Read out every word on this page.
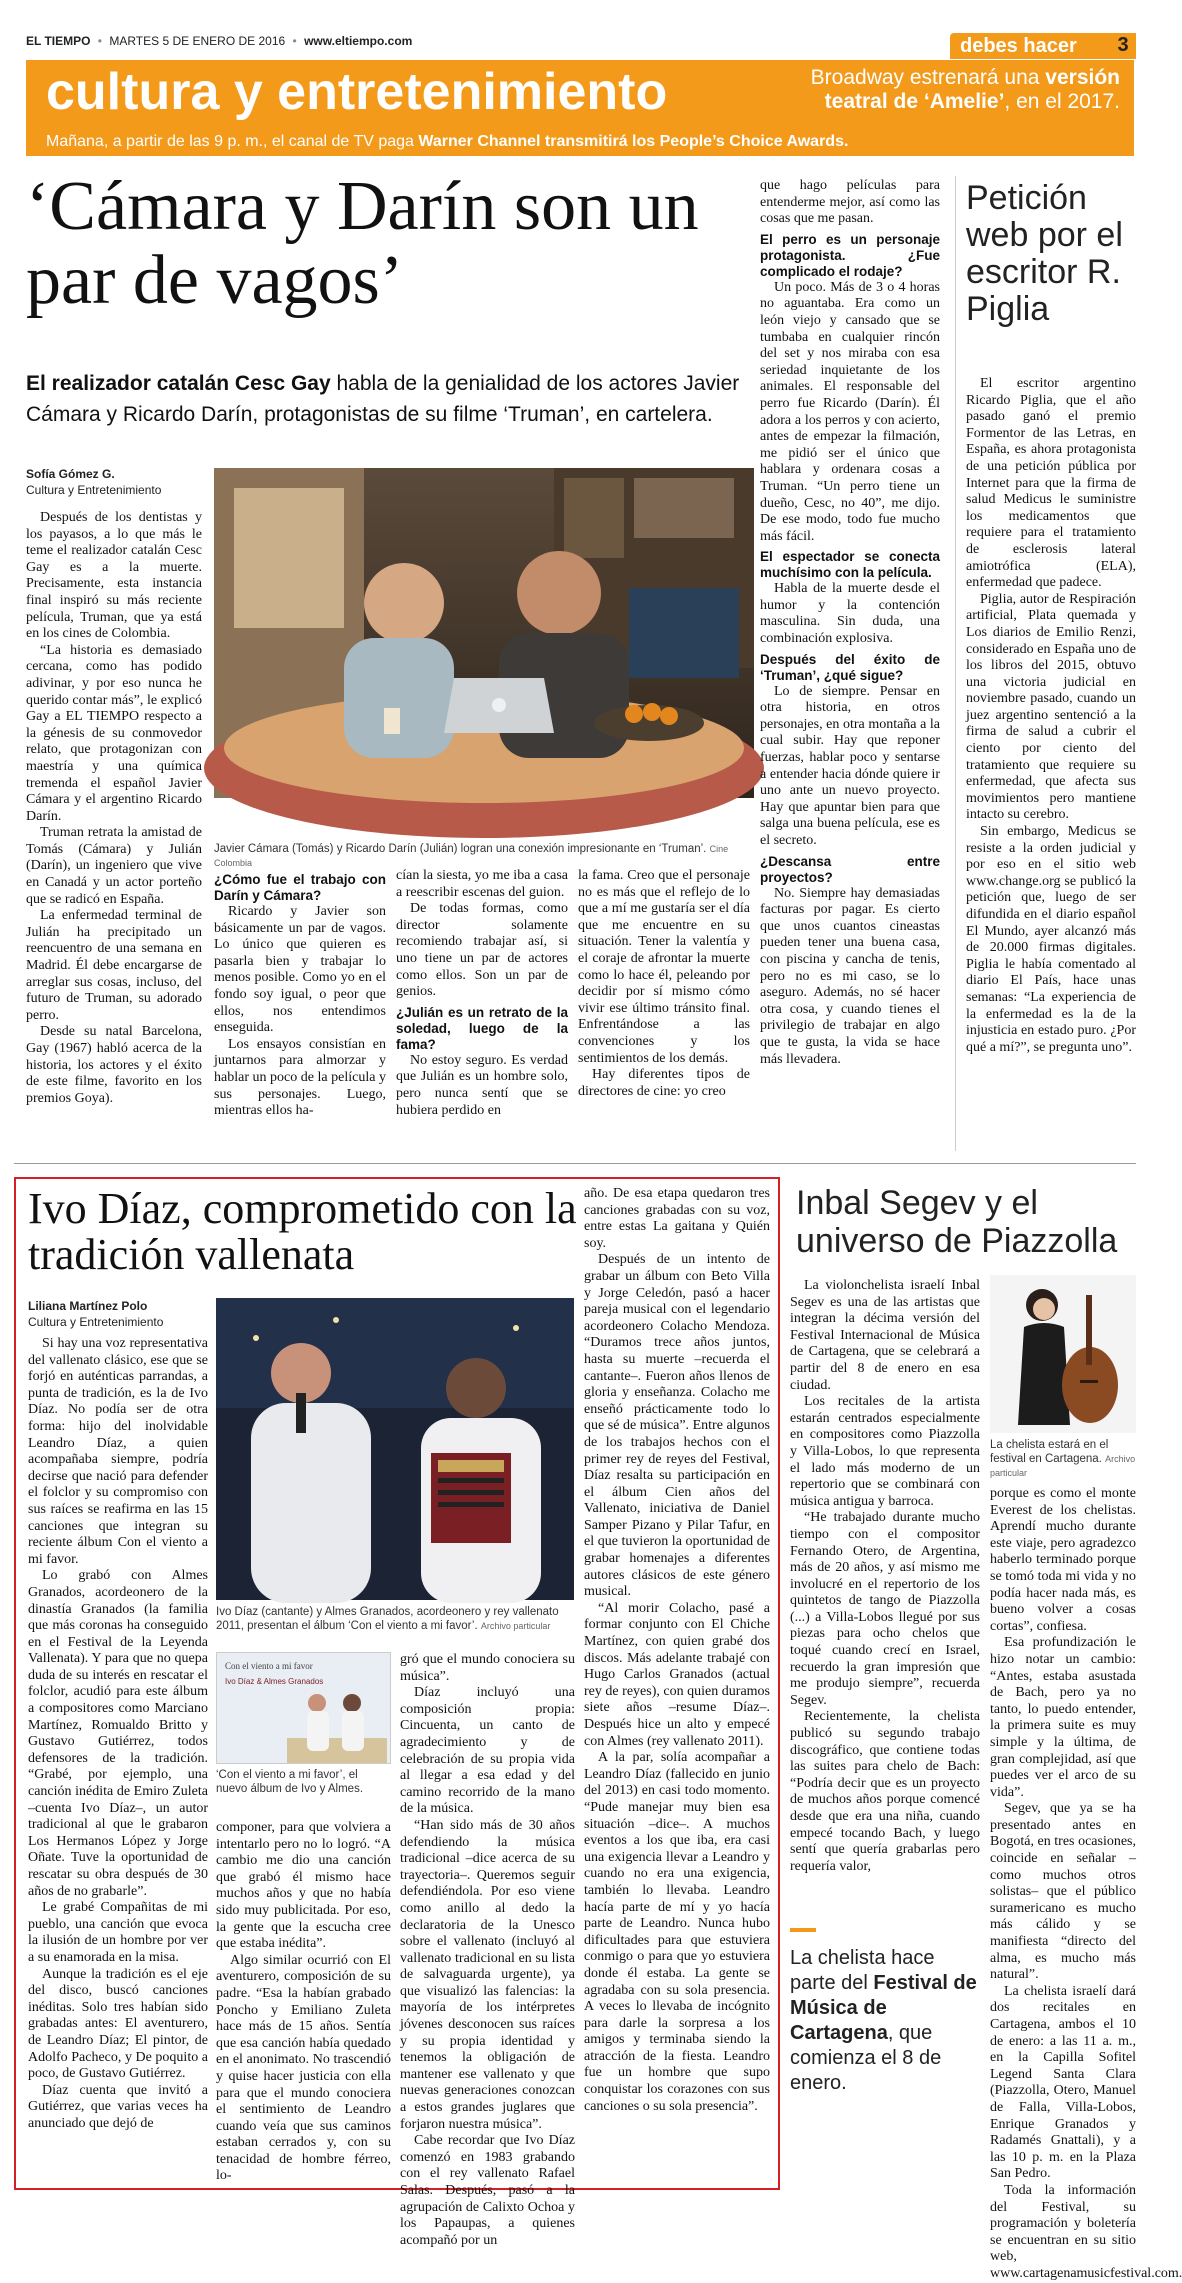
EL TIEMPO • MARTES 5 DE ENERO DE 2016 • www.eltiempo.com	debes hacer	3
cultura y entretenimiento	Broadway estrenará una versión teatral de ‘Amelie’, en el 2017.
Mañana, a partir de las 9 p. m., el canal de TV paga Warner Channel transmitirá los People’s Choice Awards.
‘Cámara y Darín son un par de vagos’
El realizador catalán Cesc Gay habla de la genialidad de los actores Javier Cámara y Ricardo Darín, protagonistas de su filme ‘Truman’, en cartelera.
Sofía Gómez G.
Cultura y Entretenimiento

Después de los dentistas y los payasos, a lo que más le teme el realizador catalán Cesc Gay es a la muerte. Precisamente, esta instancia final inspiró su más reciente película, Truman, que ya está en los cines de Colombia.

“La historia es demasiado cercana, como has podido adivinar, y por eso nunca he querido contar más”, le explicó Gay a EL TIEMPO respecto a la génesis de su conmovedor relato, que protagonizan con maestría y una química tremenda el español Javier Cámara y el argentino Ricardo Darín.

Truman retrata la amistad de Tomás (Cámara) y Julián (Darín), un ingeniero que vive en Canadá y un actor porteño que se radicó en España.

La enfermedad terminal de Julián ha precipitado un reencuentro de una semana en Madrid. Él debe encargarse de arreglar sus cosas, incluso, del futuro de Truman, su adorado perro.

Desde su natal Barcelona, Gay (1967) habló acerca de la historia, los actores y el éxito de este filme, favorito en los premios Goya).

Javier Cámara (Tomás) y Ricardo Darín (Julián) logran una conexión impresionante en ‘Truman’. Cine Colombia
¿Cómo fue el trabajo con Darín y Cámara?

Ricardo y Javier son básicamente un par de vagos. Lo único que quieren es pasarla bien y trabajar lo menos posible. Como yo en el fondo soy igual, o peor que ellos, nos entendimos enseguida.

Los ensayos consistían en juntarnos para almorzar y hablar un poco de la película y sus personajes. Luego, mientras ellos ha-

cían la siesta, yo me iba a casa a reescribir escenas del guion.

De todas formas, como director solamente recomiendo trabajar así, si uno tiene un par de actores como ellos. Son un par de genios.

¿Julián es un retrato de la soledad, luego de la fama?

No estoy seguro. Es verdad que Julián es un hombre solo, pero nunca sentí que se hubiera perdido en

la fama. Creo que el personaje no es más que el reflejo de lo que a mí me gustaría ser el día que me encuentre en su situación. Tener la valentía y el coraje de afrontar la muerte como lo hace él, peleando por decidir por sí mismo cómo vivir ese último tránsito final. Enfrentándose a las convenciones y los sentimientos de los demás.

Hay diferentes tipos de directores de cine: yo creo

que hago películas para entenderme mejor, así como las cosas que me pasan.

El perro es un personaje protagonista. ¿Fue complicado el rodaje?

Un poco. Más de 3 o 4 horas no aguantaba. Era como un león viejo y cansado que se tumbaba en cualquier rincón del set y nos miraba con esa seriedad inquietante de los animales. El responsable del perro fue Ricardo (Darín). Él adora a los perros y con acierto, antes de empezar la filmación, me pidió ser el único que hablara y ordenara cosas a Truman. “Un perro tiene un dueño, Cesc, no 40”, me dijo. De ese modo, todo fue mucho más fácil.

El espectador se conecta muchísimo con la película.

Habla de la muerte desde el humor y la contención masculina. Sin duda, una combinación explosiva.

Después del éxito de ‘Truman’, ¿qué sigue?

Lo de siempre. Pensar en otra historia, en otros personajes, en otra montaña a la cual subir. Hay que reponer fuerzas, hablar poco y sentarse a entender hacia dónde quiere ir uno ante un nuevo proyecto. Hay que apuntar bien para que salga una buena película, ese es el secreto.

¿Descansa entre proyectos?

No. Siempre hay demasiadas facturas por pagar. Es cierto que unos cuantos cineastas pueden tener una buena casa, con piscina y cancha de tenis, pero no es mi caso, se lo aseguro. Además, no sé hacer otra cosa, y cuando tienes el privilegio de trabajar en algo que te gusta, la vida se hace más llevadera.

Petición web por el escritor R. Piglia

El escritor argentino Ricardo Piglia, que el año pasado ganó el premio Formentor de las Letras, en España, es ahora protagonista de una petición pública por Internet para que la firma de salud Medicus le suministre los medicamentos que requiere para el tratamiento de esclerosis lateral amiotrófica (ELA), enfermedad que padece.

Piglia, autor de Respiración artificial, Plata quemada y Los diarios de Emilio Renzi, considerado en España uno de los libros del 2015, obtuvo una victoria judicial en noviembre pasado, cuando un juez argentino sentenció a la firma de salud a cubrir el ciento por ciento del tratamiento que requiere su enfermedad, que afecta sus movimientos pero mantiene intacto su cerebro.

Sin embargo, Medicus se resiste a la orden judicial y por eso en el sitio web www.change.org se publicó la petición que, luego de ser difundida en el diario español El Mundo, ayer alcanzó más de 20.000 firmas digitales. Piglia le había comentado al diario El País, hace unas semanas: “La experiencia de la enfermedad es la de la injusticia en estado puro. ¿Por qué a mí?”, se pregunta uno”.

Ivo Díaz, comprometido con la tradición vallenata
Liliana Martínez Polo
Cultura y Entretenimiento

Si hay una voz representativa del vallenato clásico, ese que se forjó en auténticas parrandas, a punta de tradición, es la de Ivo Díaz. No podía ser de otra forma: hijo del inolvidable Leandro Díaz, a quien acompañaba siempre, podría decirse que nació para defender el folclor y su compromiso con sus raíces se reafirma en las 15 canciones que integran su reciente álbum Con el viento a mi favor.

Lo grabó con Almes Granados, acordeonero de la dinastía Granados (la familia que más coronas ha conseguido en el Festival de la Leyenda Vallenata). Y para que no quepa duda de su interés en rescatar el folclor, acudió para este álbum a compositores como Marciano Martínez, Romualdo Britto y Gustavo Gutiérrez, todos defensores de la tradición. “Grabé, por ejemplo, una canción inédita de Emiro Zuleta –cuenta Ivo Díaz–, un autor tradicional al que le grabaron Los Hermanos López y Jorge Oñate. Tuve la oportunidad de rescatar su obra después de 30 años de no grabarle”.

Le grabé Compañitas de mi pueblo, una canción que evoca la ilusión de un hombre por ver a su enamorada en la misa.

Aunque la tradición es el eje del disco, buscó canciones inéditas. Solo tres habían sido grabadas antes: El aventurero, de Leandro Díaz; El pintor, de Adolfo Pacheco, y De poquito a poco, de Gustavo Gutiérrez.

Díaz cuenta que invitó a Gutiérrez, que varias veces ha anunciado que dejó de

Ivo Díaz (cantante) y Almes Granados, acordeonero y rey vallenato 2011, presentan el álbum ‘Con el viento a mi favor’. Archivo particular
Con el viento a mi favor
Ivo Díaz & Almes Granados
‘Con el viento a mi favor’, el nuevo álbum de Ivo y Almes.

componer, para que volviera a intentarlo pero no lo logró. “A cambio me dio una canción que grabó él mismo hace muchos años y que no había sido muy publicitada. Por eso, la gente que la escucha cree que estaba inédita”.

Algo similar ocurrió con El aventurero, composición de su padre. “Esa la habían grabado Poncho y Emiliano Zuleta hace más de 15 años. Sentía que esa canción había quedado en el anonimato. No trascendió y quise hacer justicia con ella para que el mundo conociera el sentimiento de Leandro cuando veía que sus caminos estaban cerrados y, con su tenacidad de hombre férreo, lo-

gró que el mundo conociera su música”.

Díaz incluyó una composición propia: Cincuenta, un canto de agradecimiento y de celebración de su propia vida al llegar a esa edad y del camino recorrido de la mano de la música.

“Han sido más de 30 años defendiendo la música tradicional –dice acerca de su trayectoria–. Queremos seguir defendiéndola. Por eso viene como anillo al dedo la declaratoria de la Unesco sobre el vallenato (incluyó al vallenato tradicional en su lista de salvaguarda urgente), ya que visualizó las falencias: la mayoría de los intérpretes jóvenes desconocen sus raíces y su propia identidad y tenemos la obligación de mantener ese vallenato y que nuevas generaciones conozcan a estos grandes juglares que forjaron nuestra música”.

Cabe recordar que Ivo Díaz comenzó en 1983 grabando con el rey vallenato Rafael Salas. Después, pasó a la agrupación de Calixto Ochoa y los Papaupas, a quienes acompañó por un

año. De esa etapa quedaron tres canciones grabadas con su voz, entre estas La gaitana y Quién soy.

Después de un intento de grabar un álbum con Beto Villa y Jorge Celedón, pasó a hacer pareja musical con el legendario acordeonero Colacho Mendoza. “Duramos trece años juntos, hasta su muerte –recuerda el cantante–. Fueron años llenos de gloria y enseñanza. Colacho me enseñó prácticamente todo lo que sé de música”. Entre algunos de los trabajos hechos con el primer rey de reyes del Festival, Díaz resalta su participación en el álbum Cien años del Vallenato, iniciativa de Daniel Samper Pizano y Pilar Tafur, en el que tuvieron la oportunidad de grabar homenajes a diferentes autores clásicos de este género musical.

“Al morir Colacho, pasé a formar conjunto con El Chiche Martínez, con quien grabé dos discos. Más adelante trabajé con Hugo Carlos Granados (actual rey de reyes), con quien duramos siete años –resume Díaz–. Después hice un alto y empecé con Almes (rey vallenato 2011).

A la par, solía acompañar a Leandro Díaz (fallecido en junio del 2013) en casi todo momento. “Pude manejar muy bien esa situación –dice–. A muchos eventos a los que iba, era casi una exigencia llevar a Leandro y cuando no era una exigencia, también lo llevaba. Leandro hacía parte de mí y yo hacía parte de Leandro. Nunca hubo dificultades para que estuviera conmigo o para que yo estuviera donde él estaba. La gente se agradaba con su sola presencia. A veces lo llevaba de incógnito para darle la sorpresa a los amigos y terminaba siendo la atracción de la fiesta. Leandro fue un hombre que supo conquistar los corazones con sus canciones o su sola presencia”.

Inbal Segev y el universo de Piazzolla

La violonchelista israelí Inbal Segev es una de las artistas que integran la décima versión del Festival Internacional de Música de Cartagena, que se celebrará a partir del 8 de enero en esa ciudad.

Los recitales de la artista estarán centrados especialmente en compositores como Piazzolla y Villa-Lobos, lo que representa el lado más moderno de un repertorio que se combinará con música antigua y barroca.

“He trabajado durante mucho tiempo con el compositor Fernando Otero, de Argentina, más de 20 años, y así mismo me involucré en el repertorio de los quintetos de tango de Piazzolla (...) a Villa-Lobos llegué por sus piezas para ocho chelos que toqué cuando crecí en Israel, recuerdo la gran impresión que me produjo siempre”, recuerda Segev.

Recientemente, la chelista publicó su segundo trabajo discográfico, que contiene todas las suites para chelo de Bach: “Podría decir que es un proyecto de muchos años porque comencé desde que era una niña, cuando empecé tocando Bach, y luego sentí que quería grabarlas pero requería valor,

La chelista estará en el festival en Cartagena. Archivo particular

porque es como el monte Everest de los chelistas. Aprendí mucho durante este viaje, pero agradezco haberlo terminado porque se tomó toda mi vida y no podía hacer nada más, es bueno volver a cosas cortas”, confiesa.

Esa profundización le hizo notar un cambio: “Antes, estaba asustada de Bach, pero ya no tanto, lo puedo entender, la primera suite es muy simple y la última, de gran complejidad, así que puedes ver el arco de su vida”.

Segev, que ya se ha presentado antes en Bogotá, en tres ocasiones, coincide en señalar –como muchos otros solistas– que el público suramericano es mucho más cálido y se manifiesta “directo del alma, es mucho más natural”.

La chelista israelí dará dos recitales en Cartagena, ambos el 10 de enero: a las 11 a. m., en la Capilla Sofitel Legend Santa Clara (Piazzolla, Otero, Manuel de Falla, Villa-Lobos, Enrique Granados y Radamés Gnattali), y a las 10 p. m. en la Plaza San Pedro.

Toda la información del Festival, su programación y boletería se encuentran en su sitio web, www.cartagenamusicfestival.com.

La chelista hace parte del Festival de Música de Cartagena, que comienza el 8 de enero.
